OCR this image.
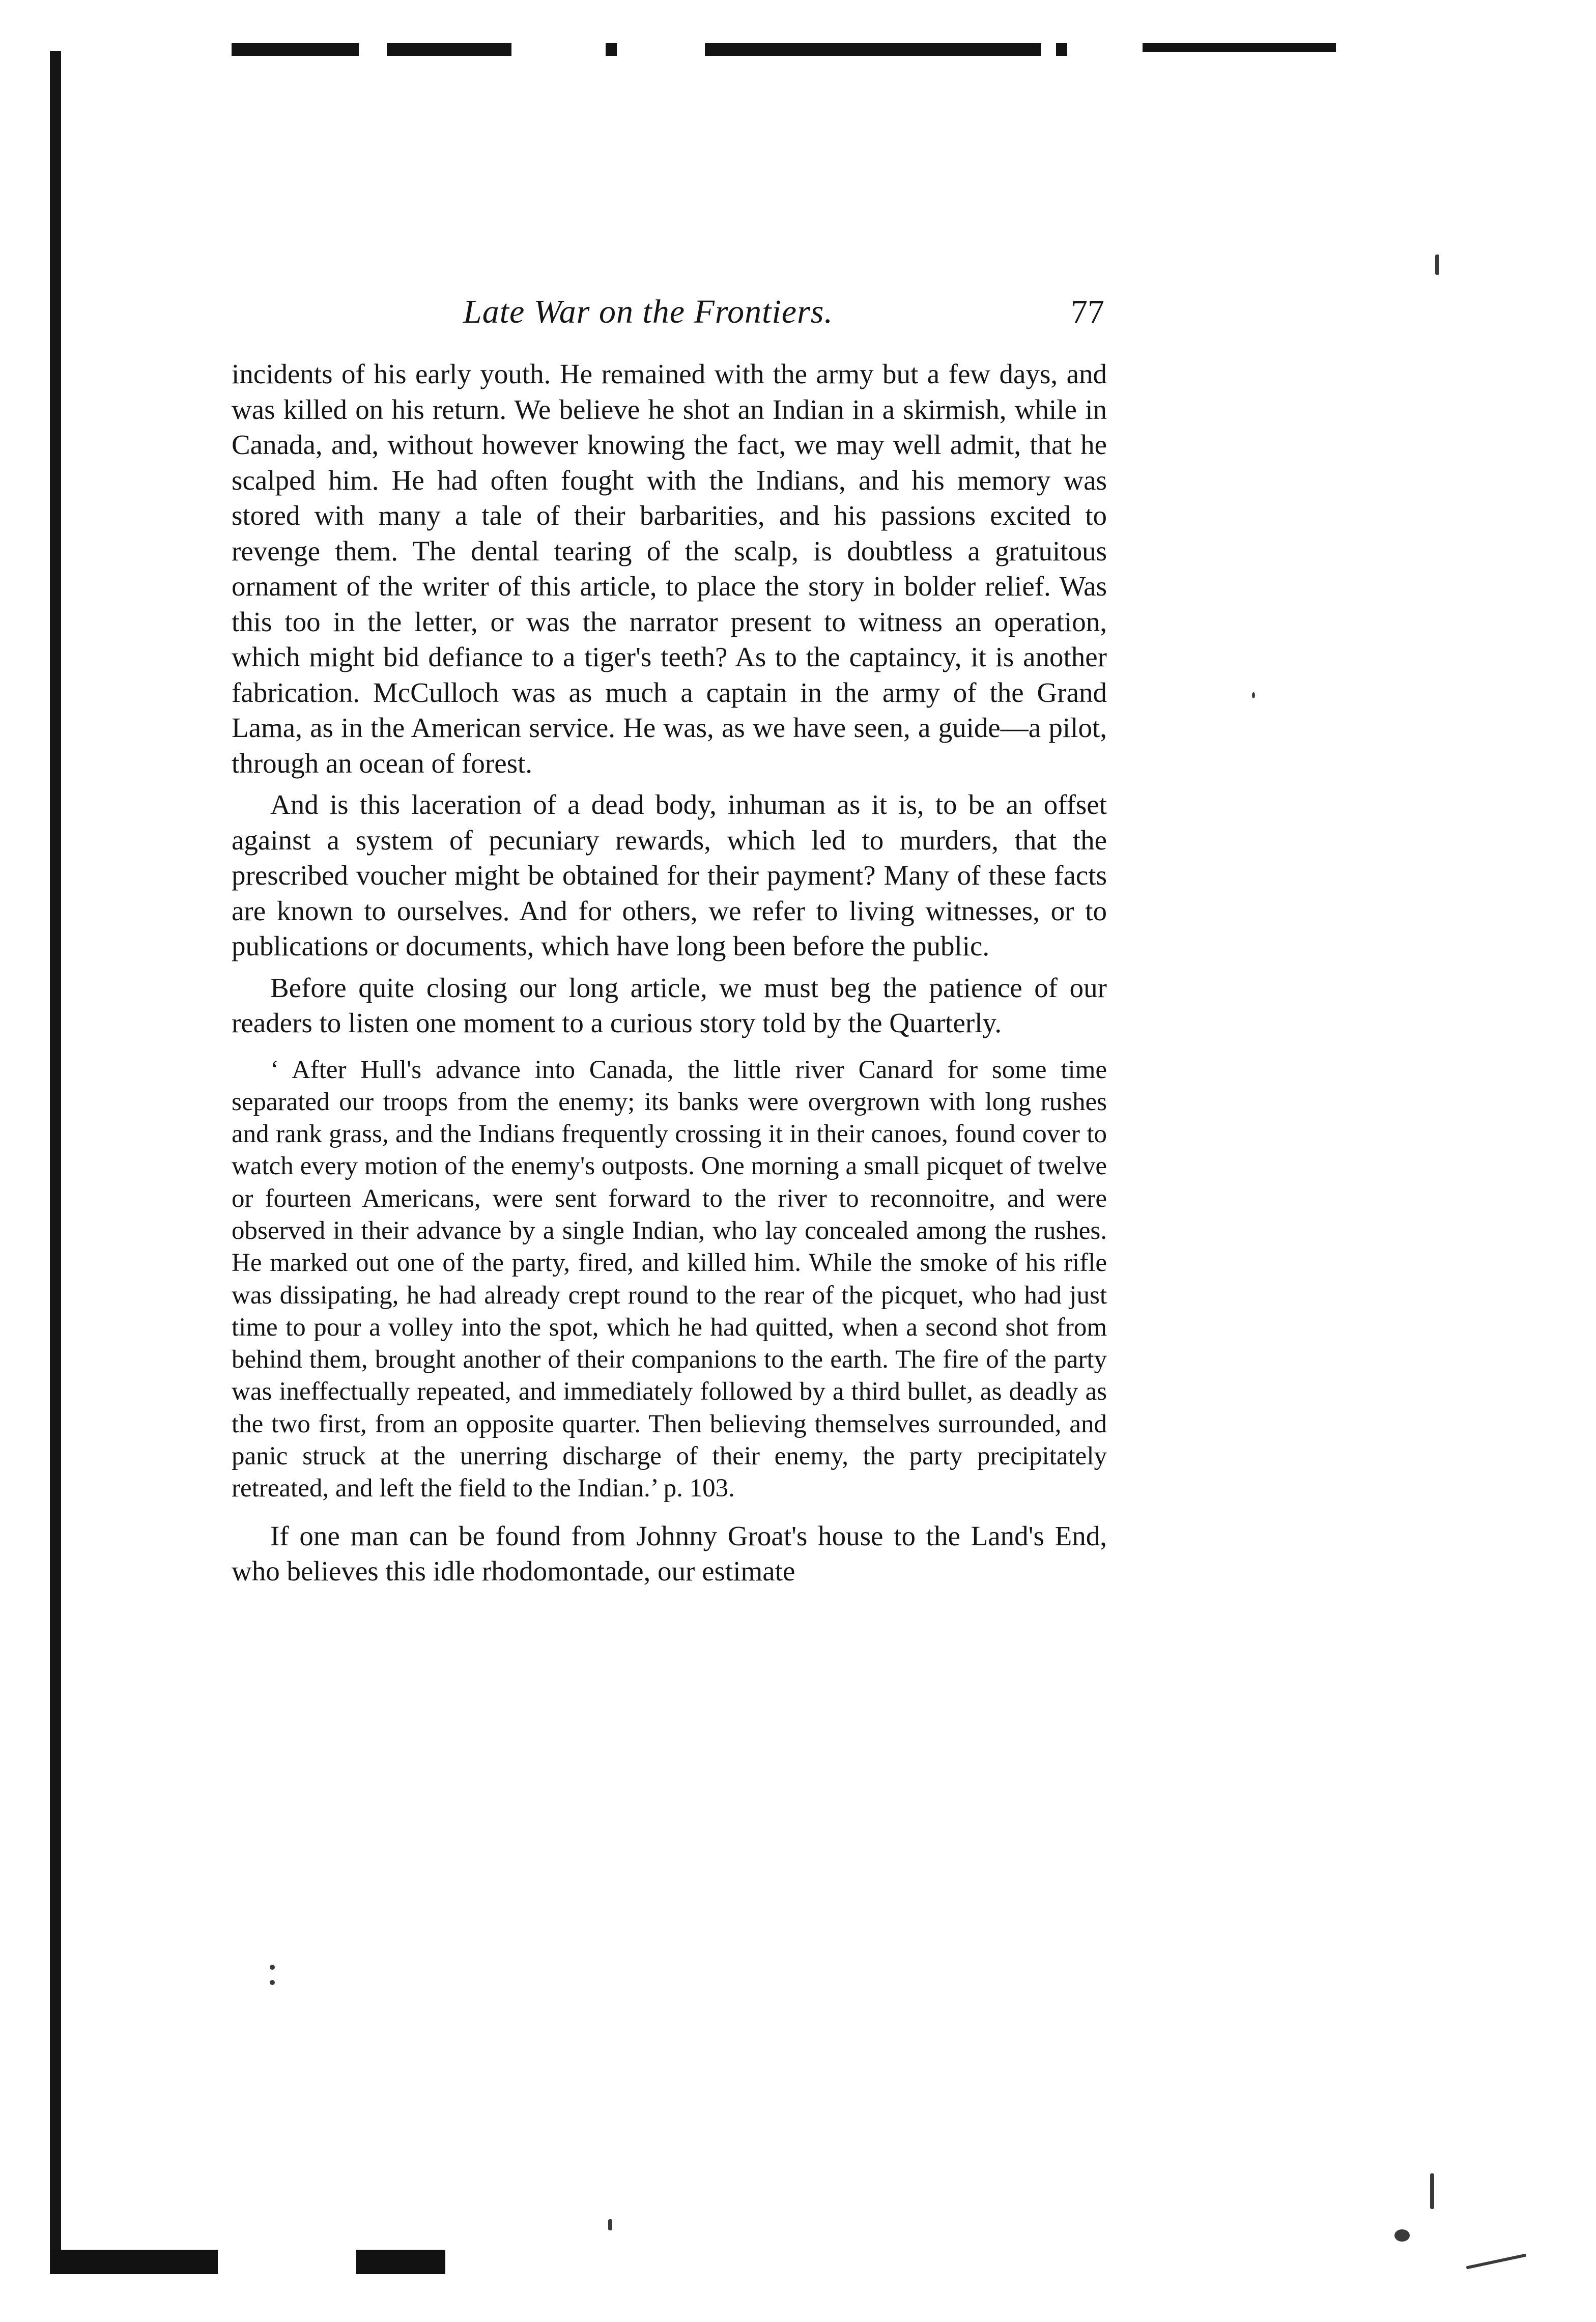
Late War on the Frontiers.	77

incidents of his early youth. He remained with the army but a few days, and was killed on his return. We believe he shot an Indian in a skirmish, while in Canada, and, without however knowing the fact, we may well admit, that he scalped him. He had often fought with the Indians, and his memory was stored with many a tale of their barbarities, and his passions excited to revenge them. The dental tearing of the scalp, is doubtless a gratuitous ornament of the writer of this article, to place the story in bolder relief. Was this too in the letter, or was the narrator present to witness an operation, which might bid defiance to a tiger's teeth? As to the captaincy, it is another fabrication. McCulloch was as much a captain in the army of the Grand Lama, as in the American service. He was, as we have seen, a guide—a pilot, through an ocean of forest.

And is this laceration of a dead body, inhuman as it is, to be an offset against a system of pecuniary rewards, which led to murders, that the prescribed voucher might be obtained for their payment? Many of these facts are known to ourselves. And for others, we refer to living witnesses, or to publications or documents, which have long been before the public.

Before quite closing our long article, we must beg the patience of our readers to listen one moment to a curious story told by the Quarterly.

‘ After Hull's advance into Canada, the little river Canard for some time separated our troops from the enemy; its banks were overgrown with long rushes and rank grass, and the Indians frequently crossing it in their canoes, found cover to watch every motion of the enemy's outposts. One morning a small picquet of twelve or fourteen Americans, were sent forward to the river to reconnoitre, and were observed in their advance by a single Indian, who lay concealed among the rushes. He marked out one of the party, fired, and killed him. While the smoke of his rifle was dissipating, he had already crept round to the rear of the picquet, who had just time to pour a volley into the spot, which he had quitted, when a second shot from behind them, brought another of their companions to the earth. The fire of the party was ineffectually repeated, and immediately followed by a third bullet, as deadly as the two first, from an opposite quarter. Then believing themselves surrounded, and panic struck at the unerring discharge of their enemy, the party precipitately retreated, and left the field to the Indian.’ p. 103.

If one man can be found from Johnny Groat's house to the Land's End, who believes this idle rhodomontade, our estimate
